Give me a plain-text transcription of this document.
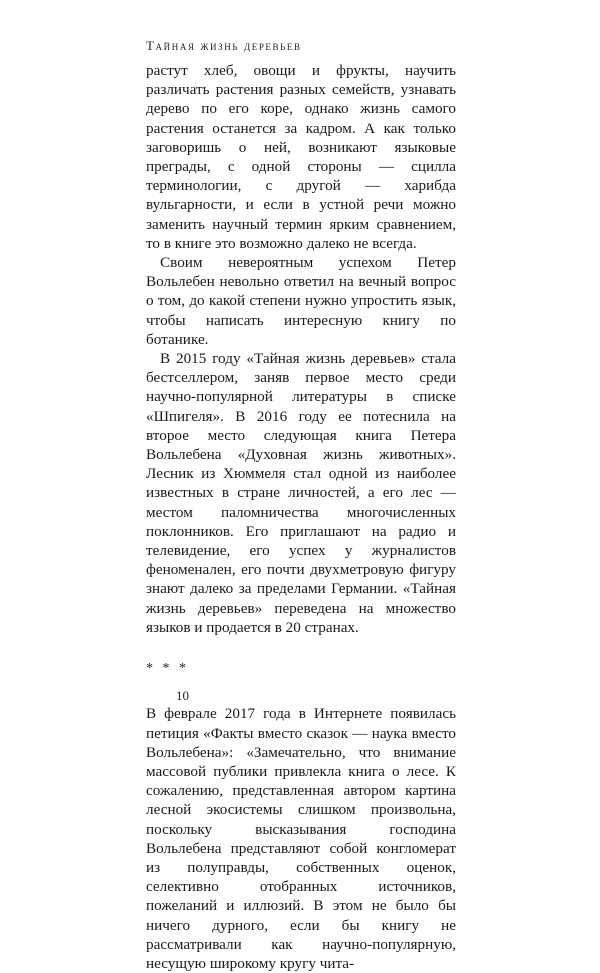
Тайная жизнь деревьев

растут хлеб, овощи и фрукты, научить различать растения разных семейств, узнавать дерево по его коре, однако жизнь самого растения останется за кадром. А как только заговоришь о ней, возникают языковые преграды, с одной стороны — сцилла терминологии, с другой — харибда вульгарности, и если в устной речи можно заменить научный термин ярким сравнением, то в книге это возможно далеко не всегда.

Своим невероятным успехом Петер Вольлебен невольно ответил на вечный вопрос о том, до какой степени нужно упростить язык, чтобы написать интересную книгу по ботанике.

В 2015 году «Тайная жизнь деревьев» стала бестселлером, заняв первое место среди научно-популярной литературы в списке «Шпигеля». В 2016 году ее потеснила на второе место следующая книга Петера Вольлебена «Духовная жизнь животных». Лесник из Хюммеля стал одной из наиболее известных в стране личностей, а его лес — местом паломничества многочисленных поклонников. Его приглашают на радио и телевидение, его успех у журналистов феноменален, его почти двухметровую фигуру знают далеко за пределами Германии. «Тайная жизнь деревьев» переведена на множество языков и продается в 20 странах.

* * *

В феврале 2017 года в Интернете появилась петиция «Факты вместо сказок — наука вместо Вольлебена»: «Замечательно, что внимание массовой публики привлекла книга о лесе. К сожалению, представленная автором картина лесной экосистемы слишком произвольна, поскольку высказывания господина Вольлебена представляют собой конгломерат из полуправды, собственных оценок, селективно отобранных источников, пожеланий и иллюзий. В этом не было бы ничего дурного, если бы книгу не рассматривали как научно-популярную, несущую широкому кругу чита-

10
